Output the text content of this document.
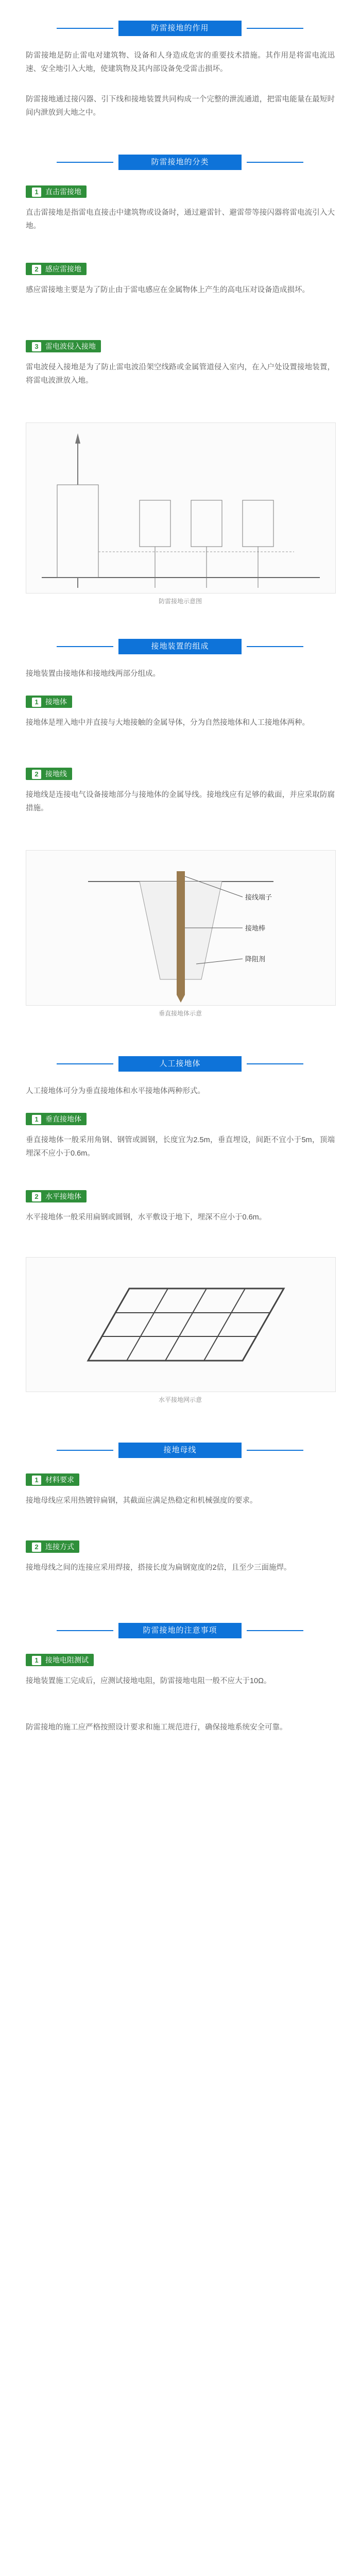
防雷接地的作用
防雷接地是防止雷电对建筑物、设备和人身造成危害的重要技术措施。其作用是将雷电流迅速、安全地引入大地，使建筑物及其内部设备免受雷击损坏。
防雷接地通过接闪器、引下线和接地装置共同构成一个完整的泄流通道，把雷电能量在最短时间内泄放到大地之中。
防雷接地的分类
1 直击雷接地
直击雷接地是指雷电直接击中建筑物或设备时，通过避雷针、避雷带等接闪器将雷电流引入大地。
2 感应雷接地
感应雷接地主要是为了防止由于雷电感应在金属物体上产生的高电压对设备造成损坏。
3 雷电波侵入接地
雷电波侵入接地是为了防止雷电波沿架空线路或金属管道侵入室内，在入户处设置接地装置，将雷电波泄放入地。
防雷接地示意图
接地装置的组成
接地装置由接地体和接地线两部分组成。
1 接地体
接地体是埋入地中并直接与大地接触的金属导体，分为自然接地体和人工接地体两种。
2 接地线
接地线是连接电气设备接地部分与接地体的金属导线。接地线应有足够的截面，并应采取防腐措施。
接线端子
接地棒
降阻剂
垂直接地体示意
人工接地体
人工接地体可分为垂直接地体和水平接地体两种形式。
1 垂直接地体
垂直接地体一般采用角钢、钢管或圆钢，长度宜为2.5m，垂直埋设，间距不宜小于5m，顶端埋深不应小于0.6m。
2 水平接地体
水平接地体一般采用扁钢或圆钢，水平敷设于地下，埋深不应小于0.6m。
水平接地网示意
接地母线
1 材料要求
接地母线应采用热镀锌扁钢，其截面应满足热稳定和机械强度的要求。
2 连接方式
接地母线之间的连接应采用焊接，搭接长度为扁钢宽度的2倍，且至少三面施焊。
防雷接地的注意事项
1 接地电阻测试
接地装置施工完成后，应测试接地电阻，防雷接地电阻一般不应大于10Ω。
防雷接地的施工应严格按照设计要求和施工规范进行，确保接地系统安全可靠。
